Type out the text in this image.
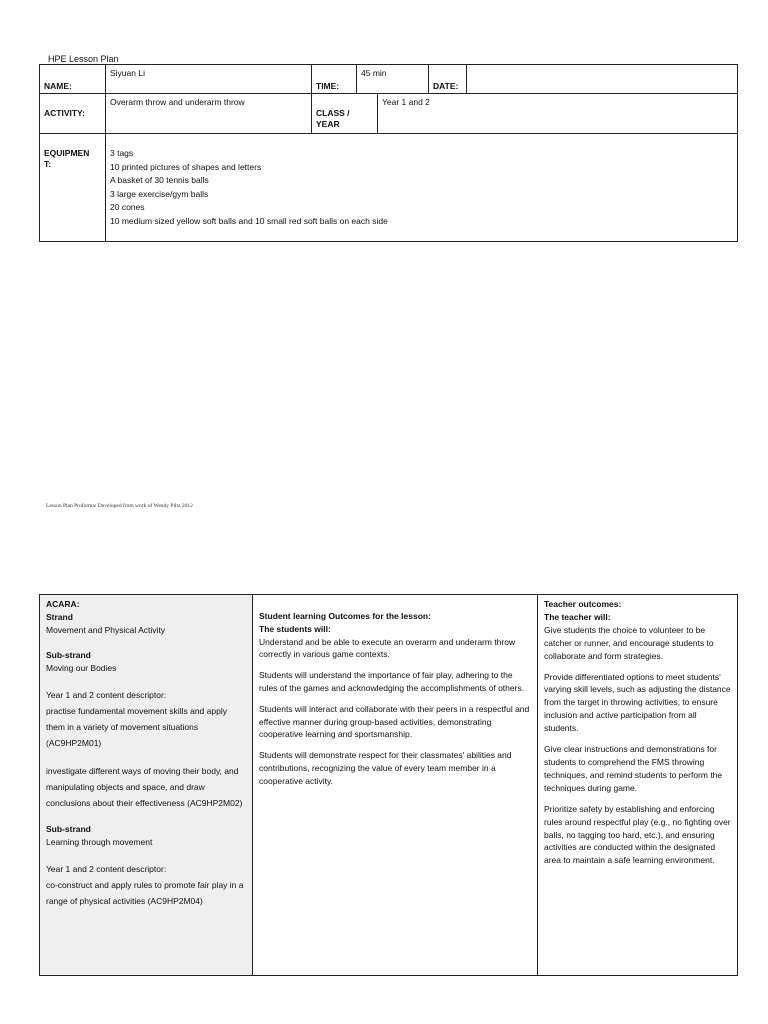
HPE Lesson Plan
NAME:
Siyuan Li
TIME:
45 min
DATE:
ACTIVITY:
Overarm throw and underarm throw
CLASS /
YEAR
Year 1 and 2
EQUIPMEN
T:
3 tags
10 printed pictures of shapes and letters
A basket of 30 tennis balls
3 large exercise/gym balls
20 cones
10 medium sized yellow soft balls and 10 small red soft balls on each side
Lesson Plan Proforma/ Developed from work of Wendy Piltz 2012

ACARA:

Strand

Movement and Physical Activity

Sub-strand

Moving our Bodies

Year 1 and 2 content descriptor:

practise fundamental movement skills and apply them in a variety of movement situations (AC9HP2M01)

investigate different ways of moving their body, and manipulating objects and space, and draw conclusions about their effectiveness (AC9HP2M02)

Sub-strand

Learning through movement

Year 1 and 2 content descriptor:

co-construct and apply rules to promote fair play in a range of physical activities (AC9HP2M04)

Student learning Outcomes for the lesson:

The students will:

Understand and be able to execute an overarm and underarm throw correctly in various game contexts.

Students will understand the importance of fair play, adhering to the rules of the games and acknowledging the accomplishments of others.

Students will interact and collaborate with their peers in a respectful and effective manner during group-based activities, demonstrating cooperative learning and sportsmanship.

Students will demonstrate respect for their classmates' abilities and contributions, recognizing the value of every team member in a cooperative activity.

Teacher outcomes:

The teacher will:

Give students the choice to volunteer to be catcher or runner, and encourage students to collaborate and form strategies.

Provide differentiated options to meet students' varying skill levels, such as adjusting the distance from the target in throwing activities, to ensure inclusion and active participation from all students.

Give clear instructions and demonstrations for students to comprehend the FMS throwing techniques, and remind students to perform the techniques during game.

Prioritize safety by establishing and enforcing rules around respectful play (e.g., no fighting over balls, no tagging too hard, etc.), and ensuring activities are conducted within the designated area to maintain a safe learning environment.
